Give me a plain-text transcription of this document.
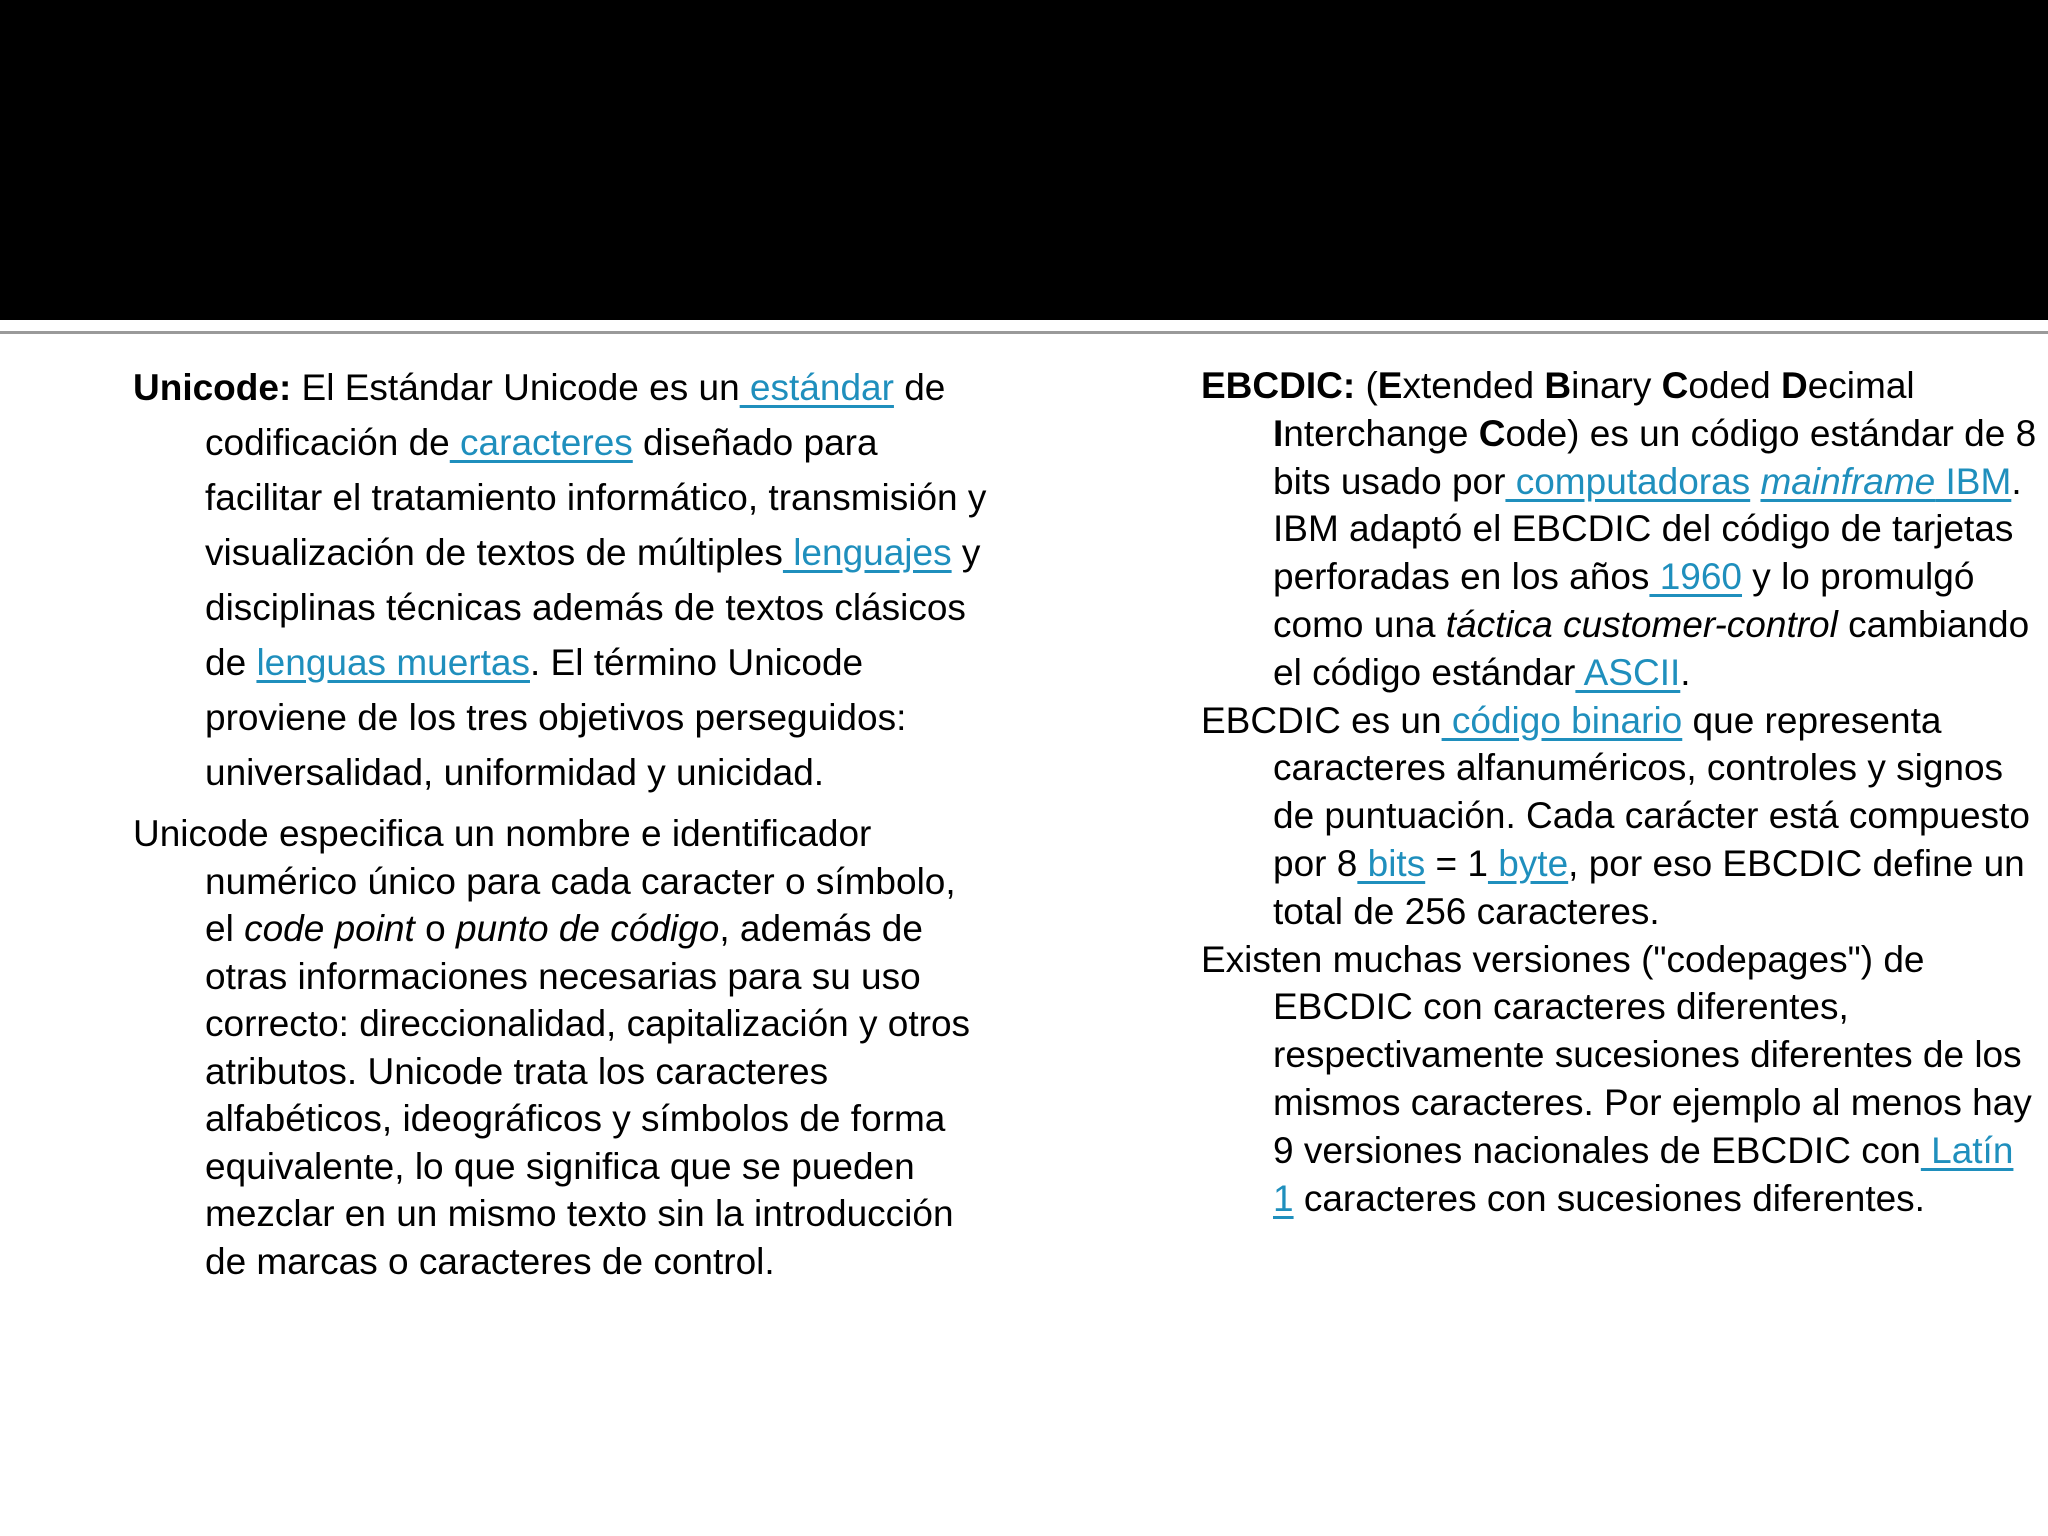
Unicode: El Estándar Unicode es un estándar de codificación de caracteres diseñado para facilitar el tratamiento informático, transmisión y visualización de textos de múltiples lenguajes y disciplinas técnicas además de textos clásicos de lenguas muertas. El término Unicode proviene de los tres objetivos perseguidos: universalidad, uniformidad y unicidad.

Unicode especifica un nombre e identificador numérico único para cada caracter o símbolo, el code point o punto de código, además de otras informaciones necesarias para su uso correcto: direccionalidad, capitalización y otros atributos. Unicode trata los caracteres alfabéticos, ideográficos y símbolos de forma equivalente, lo que significa que se pueden mezclar en un mismo texto sin la introducción de marcas o caracteres de control.

EBCDIC: (Extended Binary Coded Decimal Interchange Code) es un código estándar de 8 bits usado por computadoras mainframe IBM. IBM adaptó el EBCDIC del código de tarjetas perforadas en los años 1960 y lo promulgó como una táctica customer-control cambiando el código estándar ASCII.

EBCDIC es un código binario que representa caracteres alfanuméricos, controles y signos de puntuación. Cada carácter está compuesto por 8 bits = 1 byte, por eso EBCDIC define un total de 256 caracteres.

Existen muchas versiones ("codepages") de EBCDIC con caracteres diferentes, respectivamente sucesiones diferentes de los mismos caracteres. Por ejemplo al menos hay 9 versiones nacionales de EBCDIC con Latín 1 caracteres con sucesiones diferentes.
